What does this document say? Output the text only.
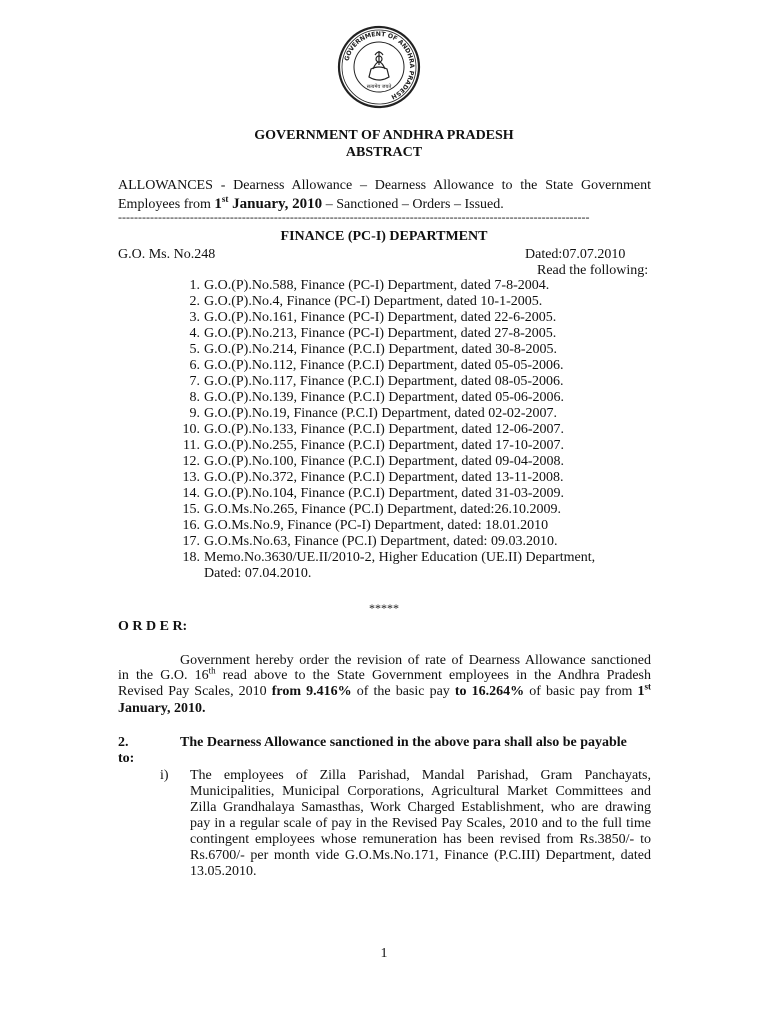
GOVERNMENT OF ANDHRA PRADESH
सत्यमेव जयते
GOVERNMENT OF ANDHRA PRADESH
ABSTRACT
ALLOWANCES - Dearness Allowance – Dearness Allowance to the State Government
Employees from 1st January, 2010 – Sanctioned – Orders – Issued.
----------------------------------------------------------------------------------------------------------------------
FINANCE (PC-I) DEPARTMENT
G.O. Ms. No.248	Dated:07.07.2010
Read the following:
1. G.O.(P).No.588, Finance (PC-I) Department, dated 7-8-2004.
2. G.O.(P).No.4, Finance (PC-I) Department, dated 10-1-2005.
3. G.O.(P).No.161, Finance (PC-I) Department, dated 22-6-2005.
4. G.O.(P).No.213, Finance (PC-I) Department, dated 27-8-2005.
5. G.O.(P).No.214, Finance (P.C.I) Department, dated 30-8-2005.
6. G.O.(P).No.112, Finance (P.C.I) Department, dated 05-05-2006.
7. G.O.(P).No.117, Finance (P.C.I) Department, dated 08-05-2006.
8. G.O.(P).No.139, Finance (P.C.I) Department, dated 05-06-2006.
9. G.O.(P).No.19, Finance (P.C.I) Department, dated 02-02-2007.
10. G.O.(P).No.133, Finance (P.C.I) Department, dated 12-06-2007.
11. G.O.(P).No.255, Finance (P.C.I) Department, dated 17-10-2007.
12. G.O.(P).No.100, Finance (P.C.I) Department, dated 09-04-2008.
13. G.O.(P).No.372, Finance (P.C.I) Department, dated 13-11-2008.
14. G.O.(P).No.104, Finance (P.C.I) Department, dated 31-03-2009.
15. G.O.Ms.No.265, Finance (PC.I) Department, dated:26.10.2009.
16. G.O.Ms.No.9, Finance (PC-I) Department, dated: 18.01.2010
17. G.O.Ms.No.63, Finance (PC.I) Department, dated: 09.03.2010.
18. Memo.No.3630/UE.II/2010-2, Higher Education (UE.II) Department,
Dated: 07.04.2010.
*****
O R D E R:
Government hereby order the revision of rate of Dearness Allowance sanctioned
in the G.O. 16th read above to the State Government employees in the Andhra Pradesh
Revised Pay Scales, 2010 from 9.416% of the basic pay to 16.264% of basic pay from 1st
January, 2010.
2.	The Dearness Allowance sanctioned in the above para shall also be payable
to:
i) The employees of Zilla Parishad, Mandal Parishad, Gram Panchayats,
Municipalities, Municipal Corporations, Agricultural Market Committees and
Zilla Grandhalaya Samasthas, Work Charged Establishment, who are drawing
pay in a regular scale of pay in the Revised Pay Scales, 2010 and to the full time
contingent employees whose remuneration has been revised from Rs.3850/- to
Rs.6700/- per month vide G.O.Ms.No.171, Finance (P.C.III) Department, dated
13.05.2010.
1
